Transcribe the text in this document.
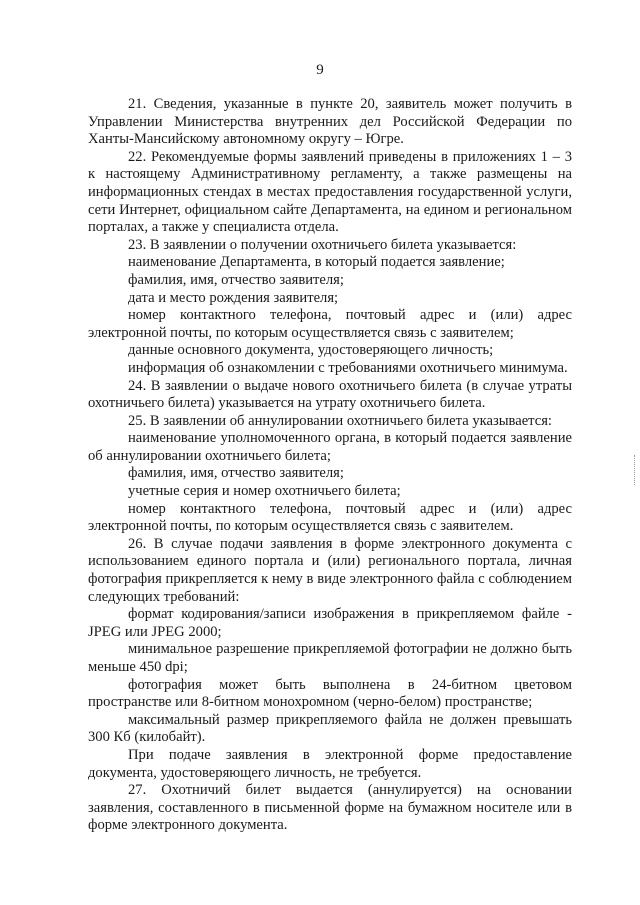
9

21. Сведения, указанные в пункте 20, заявитель может получить в Управлении Министерства внутренних дел Российской Федерации по Ханты-Мансийскому автономному округу – Югре.

22. Рекомендуемые формы заявлений приведены в приложениях 1 – 3 к настоящему Административному регламенту, а также размещены на информационных стендах в местах предоставления государственной услуги, сети Интернет, официальном сайте Департамента, на едином и региональном порталах, а также у специалиста отдела.

23. В заявлении о получении охотничьего билета указывается:

наименование Департамента, в который подается заявление;

фамилия, имя, отчество заявителя;

дата и место рождения заявителя;

номер контактного телефона, почтовый адрес и (или) адрес электронной почты, по которым осуществляется связь с заявителем;

данные основного документа, удостоверяющего личность;

информация об ознакомлении с требованиями охотничьего минимума.

24. В заявлении о выдаче нового охотничьего билета (в случае утраты охотничьего билета) указывается на утрату охотничьего билета.

25. В заявлении об аннулировании охотничьего билета указывается:

наименование уполномоченного органа, в который подается заявление об аннулировании охотничьего билета;

фамилия, имя, отчество заявителя;

учетные серия и номер охотничьего билета;

номер контактного телефона, почтовый адрес и (или) адрес электронной почты, по которым осуществляется связь с заявителем.

26. В случае подачи заявления в форме электронного документа с использованием единого портала и (или) регионального портала, личная фотография прикрепляется к нему в виде электронного файла с соблюдением следующих требований:

формат кодирования/записи изображения в прикрепляемом файле - JPEG или JPEG 2000;

минимальное разрешение прикрепляемой фотографии не должно быть меньше 450 dpi;

фотография может быть выполнена в 24-битном цветовом пространстве или 8-битном монохромном (черно-белом) пространстве;

максимальный размер прикрепляемого файла не должен превышать 300 Кб (килобайт).

При подаче заявления в электронной форме предоставление документа, удостоверяющего личность, не требуется.

27. Охотничий билет выдается (аннулируется) на основании заявления, составленного в письменной форме на бумажном носителе или в форме электронного документа.
